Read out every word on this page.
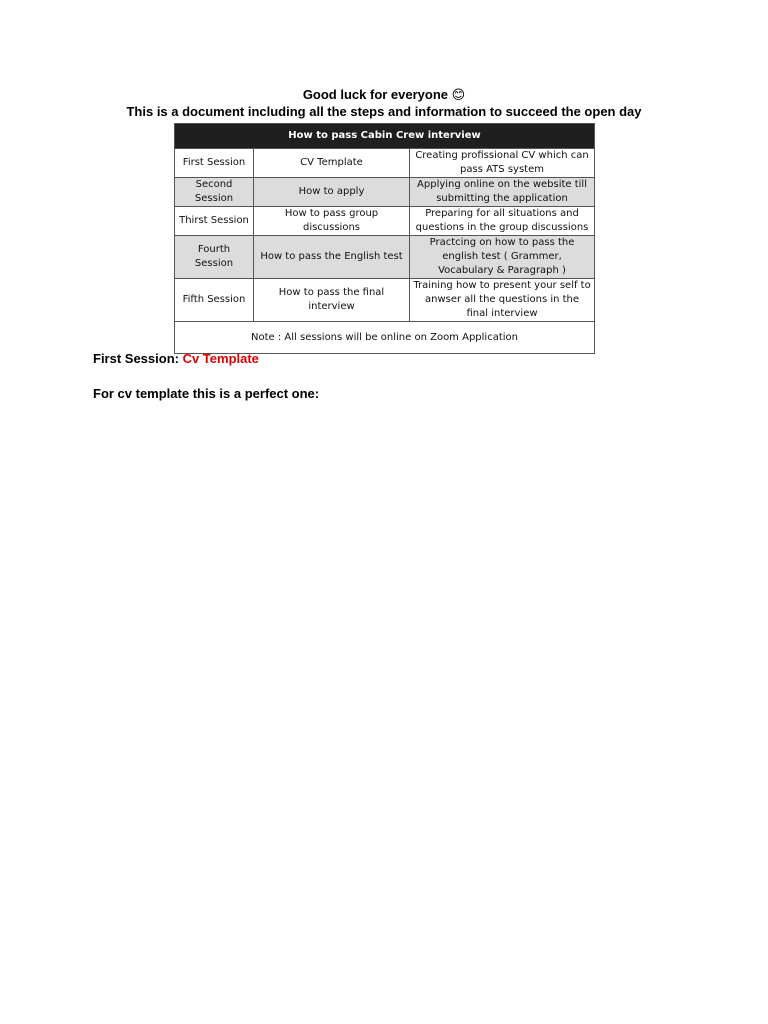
Good luck for everyone 😊
This is a document including all the steps and information to succeed the open day
How to pass Cabin Crew interview		
First Session	CV Template	Creating profissional CV which can pass ATS system
Second Session	How to apply	Applying online on the website till submitting the application
Thirst Session	How to pass group discussions	Preparing for all situations and questions in the group discussions
Fourth Session	How to pass the English test	Practcing on how to pass the english test ( Grammer, Vocabulary & Paragraph )
Fifth Session	How to pass the final interview	Training how to present your self to anwser all the questions in the final interview
Note : All sessions will be online on Zoom Application		
First Session: Cv Template
For cv template this is a perfect one:
